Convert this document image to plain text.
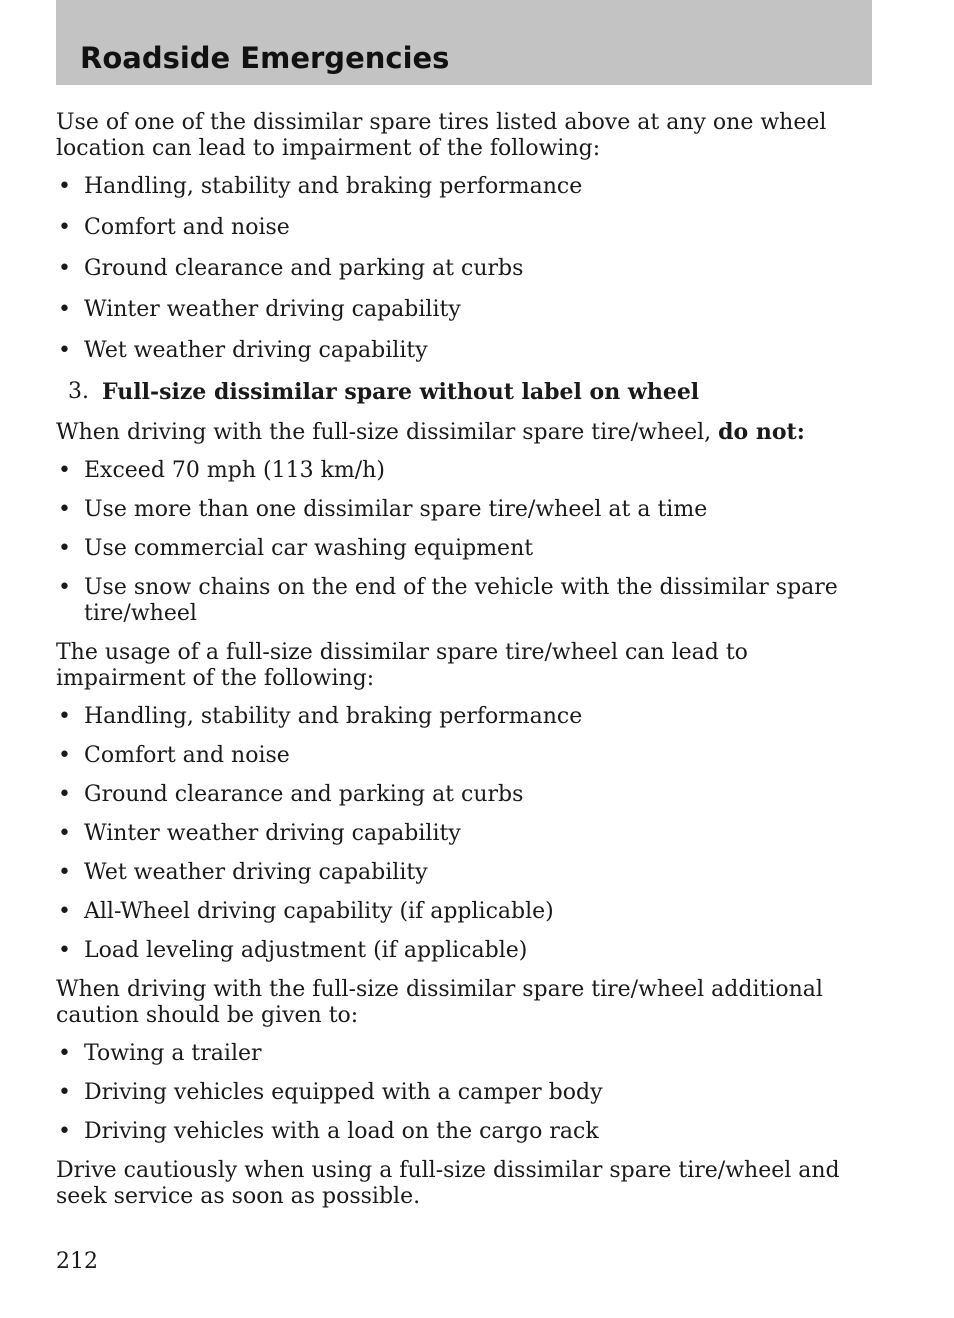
Roadside Emergencies

Use of one of the dissimilar spare tires listed above at any one wheel location can lead to impairment of the following:

• Handling, stability and braking performance
• Comfort and noise
• Ground clearance and parking at curbs
• Winter weather driving capability
• Wet weather driving capability

3. Full-size dissimilar spare without label on wheel

When driving with the full-size dissimilar spare tire/wheel, do not:

• Exceed 70 mph (113 km/h)
• Use more than one dissimilar spare tire/wheel at a time
• Use commercial car washing equipment
• Use snow chains on the end of the vehicle with the dissimilar spare tire/wheel

The usage of a full-size dissimilar spare tire/wheel can lead to impairment of the following:

• Handling, stability and braking performance
• Comfort and noise
• Ground clearance and parking at curbs
• Winter weather driving capability
• Wet weather driving capability
• All-Wheel driving capability (if applicable)
• Load leveling adjustment (if applicable)

When driving with the full-size dissimilar spare tire/wheel additional caution should be given to:

• Towing a trailer
• Driving vehicles equipped with a camper body
• Driving vehicles with a load on the cargo rack

Drive cautiously when using a full-size dissimilar spare tire/wheel and seek service as soon as possible.

212
